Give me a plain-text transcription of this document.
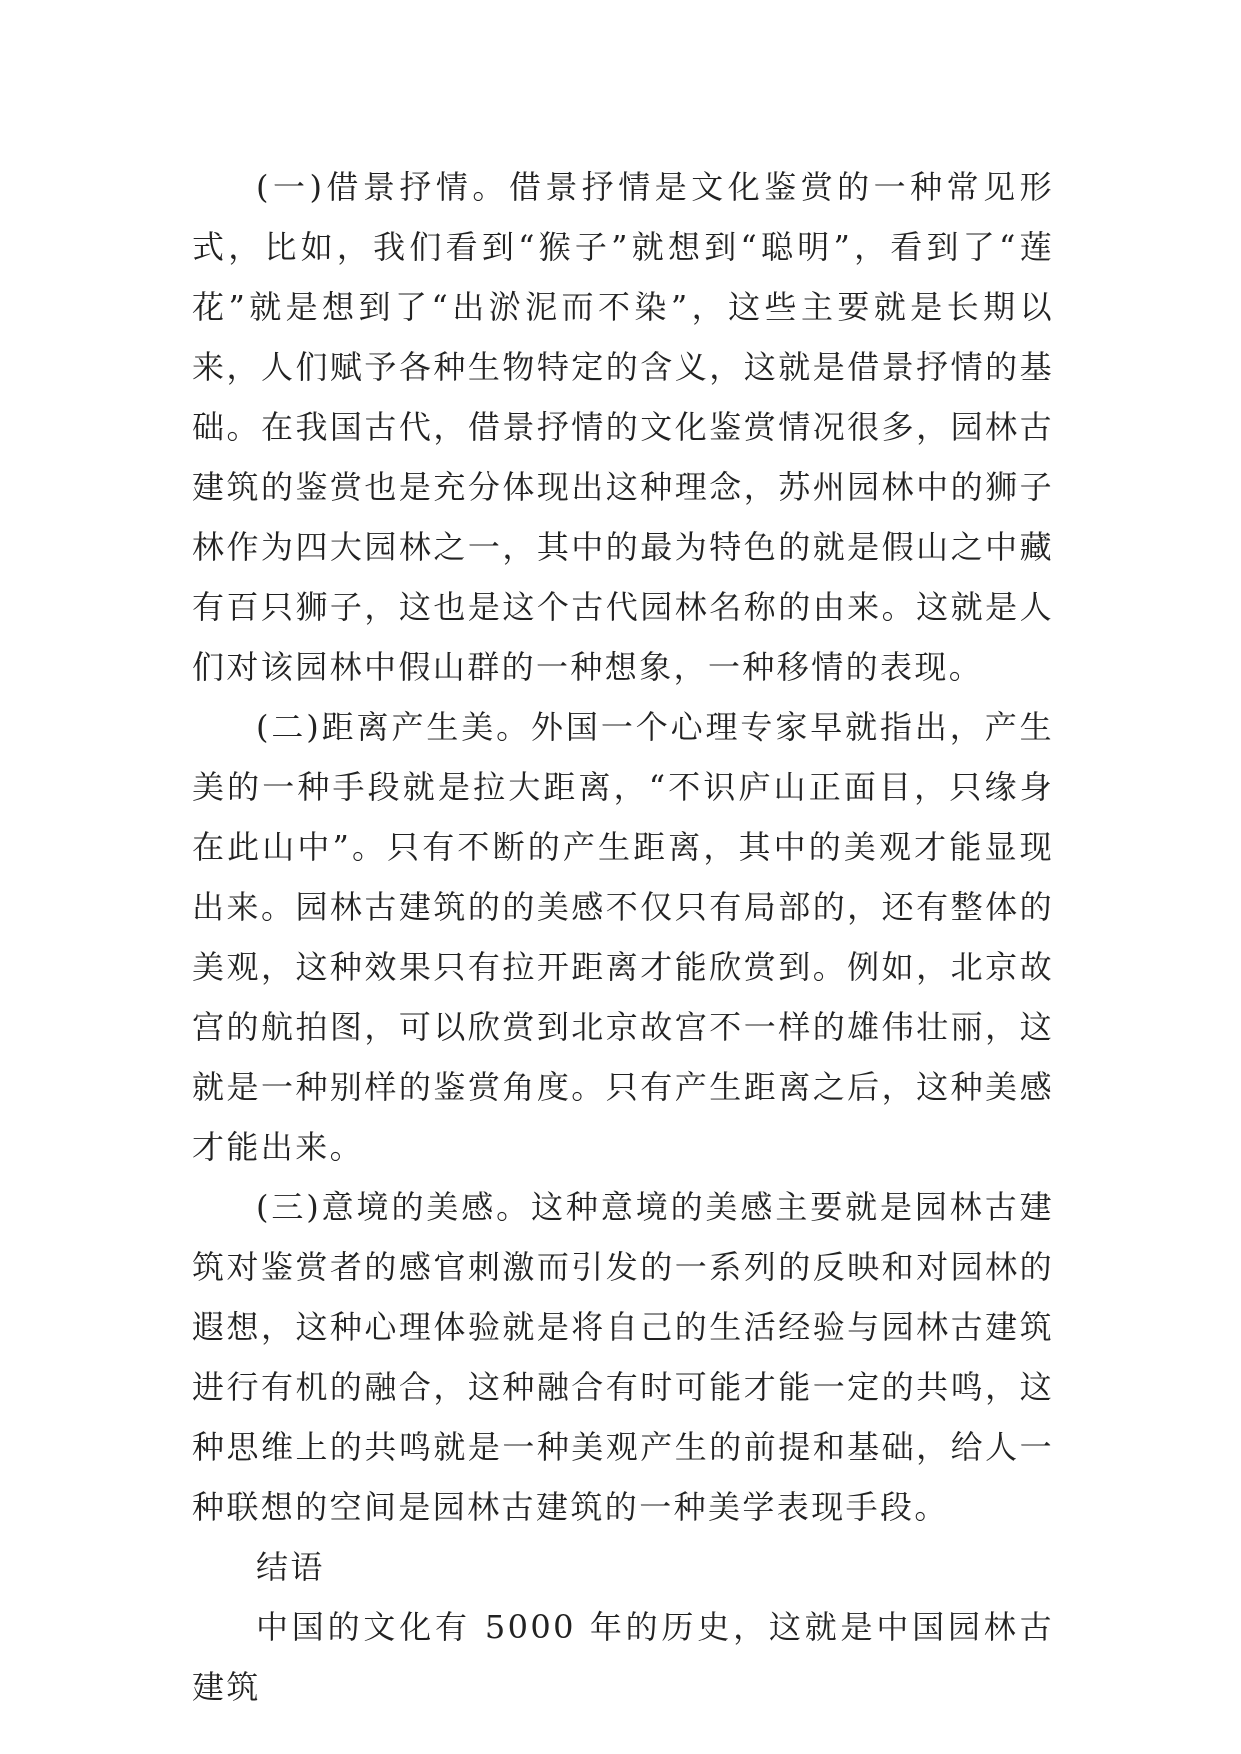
(一)借景抒情。借景抒情是文化鉴赏的一种常见形式，比如，我们看到“猴子”就想到“聪明”，看到了“莲花”就是想到了“出淤泥而不染”，这些主要就是长期以来，人们赋予各种生物特定的含义，这就是借景抒情的基础。在我国古代，借景抒情的文化鉴赏情况很多，园林古建筑的鉴赏也是充分体现出这种理念，苏州园林中的狮子林作为四大园林之一，其中的最为特色的就是假山之中藏有百只狮子，这也是这个古代园林名称的由来。这就是人们对该园林中假山群的一种想象，一种移情的表现。

(二)距离产生美。外国一个心理专家早就指出，产生美的一种手段就是拉大距离，“不识庐山正面目，只缘身在此山中”。只有不断的产生距离，其中的美观才能显现出来。园林古建筑的的美感不仅只有局部的，还有整体的美观，这种效果只有拉开距离才能欣赏到。例如，北京故宫的航拍图，可以欣赏到北京故宫不一样的雄伟壮丽，这就是一种别样的鉴赏角度。只有产生距离之后，这种美感才能出来。

(三)意境的美感。这种意境的美感主要就是园林古建筑对鉴赏者的感官刺激而引发的一系列的反映和对园林的遐想，这种心理体验就是将自己的生活经验与园林古建筑进行有机的融合，这种融合有时可能才能一定的共鸣，这种思维上的共鸣就是一种美观产生的前提和基础，给人一种联想的空间是园林古建筑的一种美学表现手段。

结语

中国的文化有 5000 年的历史，这就是中国园林古建筑
